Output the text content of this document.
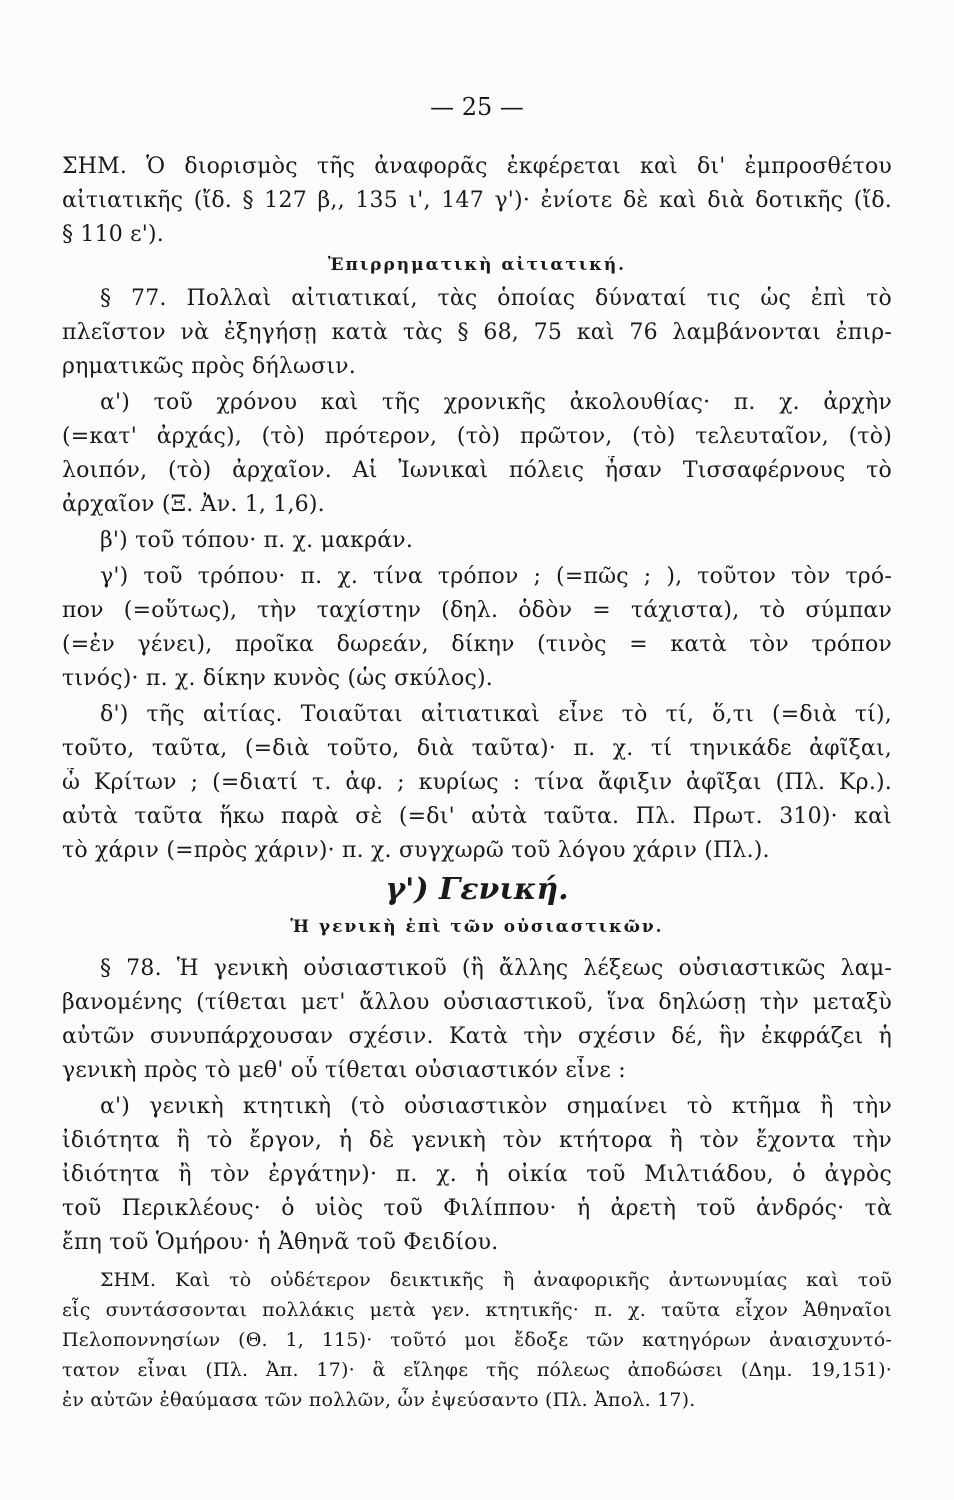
— 25 —
ΣΗΜ. Ὁ διορισμὸς τῆς ἀναφορᾶς ἐκφέρεται καὶ δι' ἐμπροσθέτου
αἰτιατικῆς (ἴδ. § 127 β,, 135 ι', 147 γ')· ἐνίοτε δὲ καὶ διὰ δοτικῆς (ἴδ.
§ 110 ε').
Ἐπιρρηματικὴ αἰτιατική.
§ 77. Πολλαὶ αἰτιατικαί, τὰς ὁποίας δύναταί τις ὡς ἐπὶ τὸ
πλεῖστον νὰ ἐξηγήσῃ κατὰ τὰς § 68, 75 καὶ 76 λαμβάνονται ἐπιρ-
ρηματικῶς πρὸς δήλωσιν.
α') τοῦ χρόνου καὶ τῆς χρονικῆς ἀκολουθίας· π. χ. ἀρχὴν
(=κατ' ἀρχάς), (τὸ) πρότερον, (τὸ) πρῶτον, (τὸ) τελευταῖον, (τὸ)
λοιπόν, (τὸ) ἀρχαῖον. Αἱ Ἰωνικαὶ πόλεις ἦσαν Τισσαφέρνους τὸ
ἀρχαῖον (Ξ. Ἀν. 1, 1,6).
β') τοῦ τόπου· π. χ. μακράν.
γ') τοῦ τρόπου· π. χ. τίνα τρόπον ; (=πῶς ; ), τοῦτον τὸν τρό-
πον (=οὕτως), τὴν ταχίστην (δηλ. ὁδὸν = τάχιστα), τὸ σύμπαν
(=ἐν γένει), προῖκα δωρεάν, δίκην (τινὸς = κατὰ τὸν τρόπον
τινός)· π. χ. δίκην κυνὸς (ὡς σκύλος).
δ') τῆς αἰτίας. Τοιαῦται αἰτιατικαὶ εἶνε τὸ τί, ὅ,τι (=διὰ τί),
τοῦτο, ταῦτα, (=διὰ τοῦτο, διὰ ταῦτα)· π. χ. τί τηνικάδε ἀφῖξαι,
ὦ Κρίτων ; (=διατί τ. ἀφ. ; κυρίως : τίνα ἄφιξιν ἀφῖξαι (Πλ. Κρ.).
αὐτὰ ταῦτα ἥκω παρὰ σὲ (=δι' αὐτὰ ταῦτα. Πλ. Πρωτ. 310)· καὶ
τὸ χάριν (=πρὸς χάριν)· π. χ. συγχωρῶ τοῦ λόγου χάριν (Πλ.).
γ') Γενική.
Ἡ γενικὴ ἐπὶ τῶν οὐσιαστικῶν.
§ 78. Ἡ γενικὴ οὐσιαστικοῦ (ἢ ἄλλης λέξεως οὐσιαστικῶς λαμ-
βανομένης (τίθεται μετ' ἄλλου οὐσιαστικοῦ, ἵνα δηλώσῃ τὴν μεταξὺ
αὐτῶν συνυπάρχουσαν σχέσιν. Κατὰ τὴν σχέσιν δέ, ἣν ἐκφράζει ἡ
γενικὴ πρὸς τὸ μεθ' οὗ τίθεται οὐσιαστικόν εἶνε :
α') γενικὴ κτητικὴ (τὸ οὐσιαστικὸν σημαίνει τὸ κτῆμα ἢ τὴν
ἰδιότητα ἢ τὸ ἔργον, ἡ δὲ γενικὴ τὸν κτήτορα ἢ τὸν ἔχοντα τὴν
ἰδιότητα ἢ τὸν ἐργάτην)· π. χ. ἡ οἰκία τοῦ Μιλτιάδου, ὁ ἀγρὸς
τοῦ Περικλέους· ὁ υἱὸς τοῦ Φιλίππου· ἡ ἀρετὴ τοῦ ἀνδρός· τὰ
ἔπη τοῦ Ὁμήρου· ἡ Ἀθηνᾶ τοῦ Φειδίου.
ΣΗΜ. Καὶ τὸ οὐδέτερον δεικτικῆς ἢ ἀναφορικῆς ἀντωνυμίας καὶ τοῦ
εἷς συντάσσονται πολλάκις μετὰ γεν. κτητικῆς· π. χ. ταῦτα εἶχον Ἀθηναῖοι
Πελοποννησίων (Θ. 1, 115)· τοῦτό μοι ἔδοξε τῶν κατηγόρων ἀναισχυντό-
τατον εἶναι (Πλ. Ἀπ. 17)· ἃ εἴληφε τῆς πόλεως ἀποδώσει (Δημ. 19,151)·
ἐν αὐτῶν ἐθαύμασα τῶν πολλῶν, ὧν ἐψεύσαντο (Πλ. Ἀπολ. 17).
